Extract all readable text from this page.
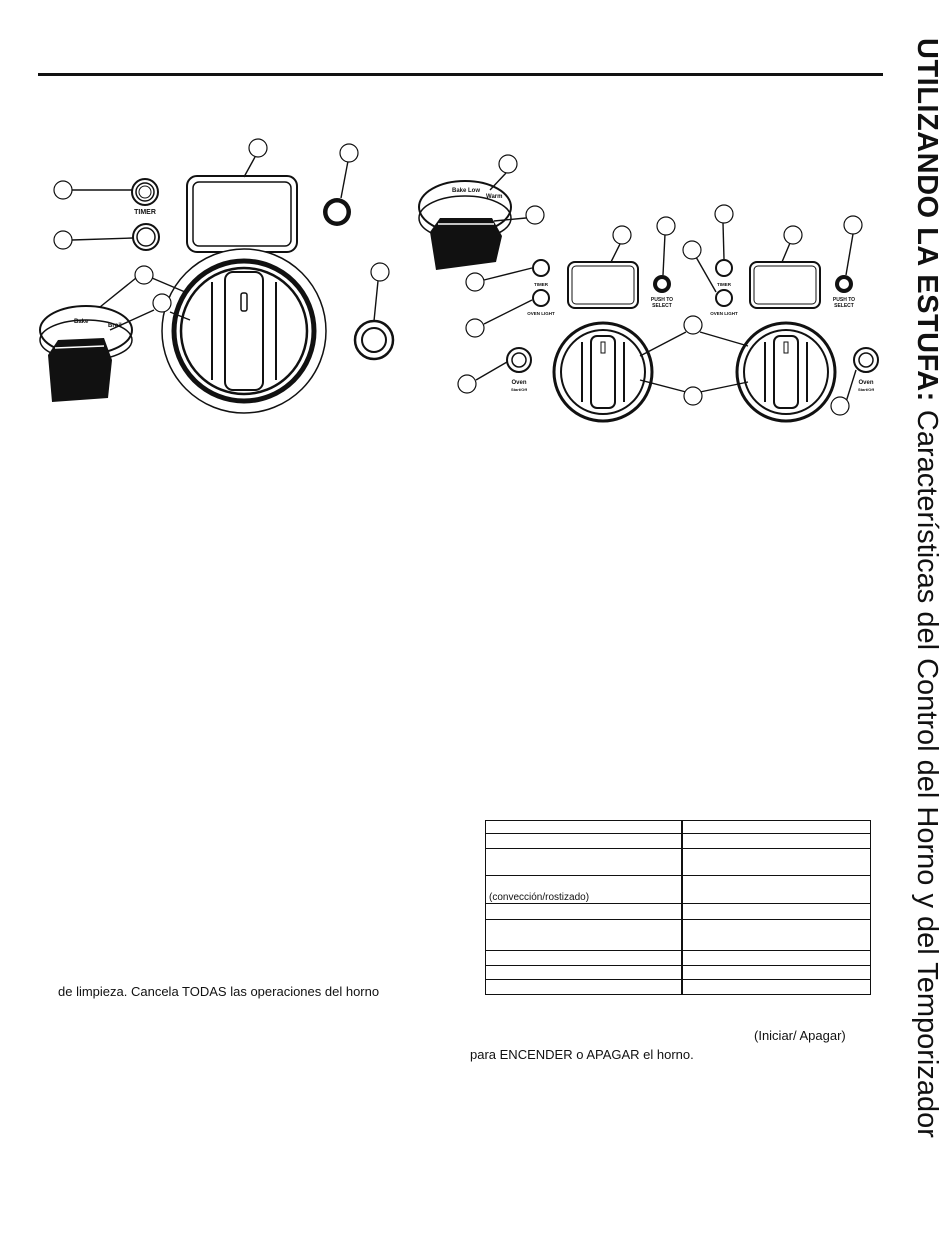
TIMER
Bake
Broil
Bake Low
Warm
TIMER
OVEN LIGHT
PUSH TO
SELECT
TIMER
OVEN LIGHT
PUSH TO
SELECT
Oven
Start/Off
Oven
Start/Off UTILIZANDO LA ESTUFA: Características del Control del Horno y del Temporizador

(convección/rostizado)	

de limpieza. Cancela TODAS las operaciones del horno
(Iniciar/ Apagar)
para ENCENDER o APAGAR el horno.
